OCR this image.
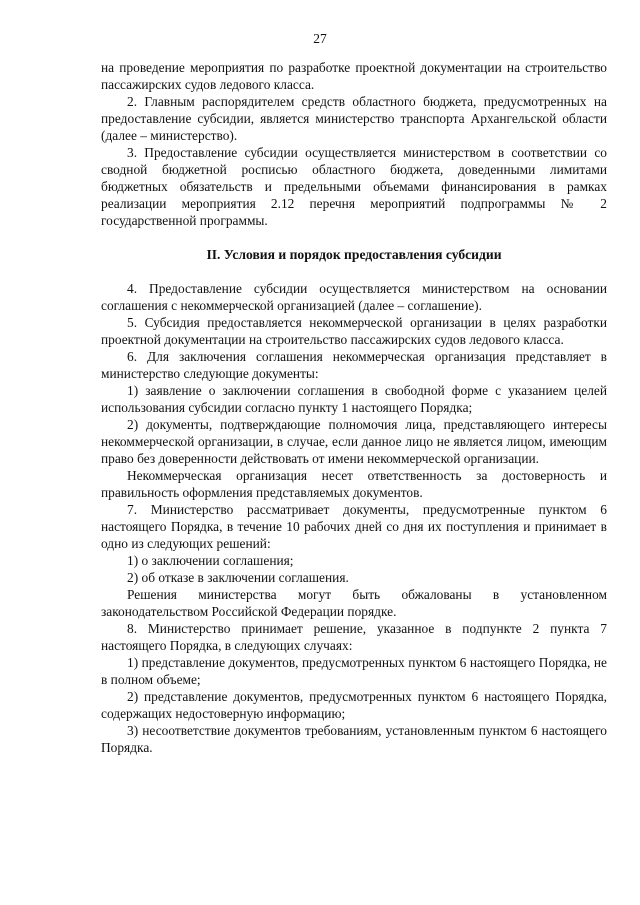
27

на проведение мероприятия по разработке проектной документации на строительство пассажирских судов ледового класса.

2. Главным распорядителем средств областного бюджета, предусмотренных на предоставление субсидии, является министерство транспорта Архангельской области (далее – министерство).

3. Предоставление субсидии осуществляется министерством в соответствии со сводной бюджетной росписью областного бюджета, доведенными лимитами бюджетных обязательств и предельными объемами финансирования в рамках реализации мероприятия 2.12 перечня мероприятий подпрограммы № 2 государственной программы.

II. Условия и порядок предоставления субсидии

4. Предоставление субсидии осуществляется министерством на основании соглашения с некоммерческой организацией (далее – соглашение).

5. Субсидия предоставляется некоммерческой организации в целях разработки проектной документации на строительство пассажирских судов ледового класса.

6. Для заключения соглашения некоммерческая организация представляет в министерство следующие документы:

1) заявление о заключении соглашения в свободной форме с указанием целей использования субсидии согласно пункту 1 настоящего Порядка;

2) документы, подтверждающие полномочия лица, представляющего интересы некоммерческой организации, в случае, если данное лицо не является лицом, имеющим право без доверенности действовать от имени некоммерческой организации.

Некоммерческая организация несет ответственность за достоверность и правильность оформления представляемых документов.

7. Министерство рассматривает документы, предусмотренные пунктом 6 настоящего Порядка, в течение 10 рабочих дней со дня их поступления и принимает в одно из следующих решений:

1) о заключении соглашения;

2) об отказе в заключении соглашения.

Решения министерства могут быть обжалованы в установленном законодательством Российской Федерации порядке.

8. Министерство принимает решение, указанное в подпункте 2 пункта 7 настоящего Порядка, в следующих случаях:

1) представление документов, предусмотренных пунктом 6 настоящего Порядка, не в полном объеме;

2) представление документов, предусмотренных пунктом 6 настоящего Порядка, содержащих недостоверную информацию;

3) несоответствие документов требованиям, установленным пунктом 6 настоящего Порядка.
